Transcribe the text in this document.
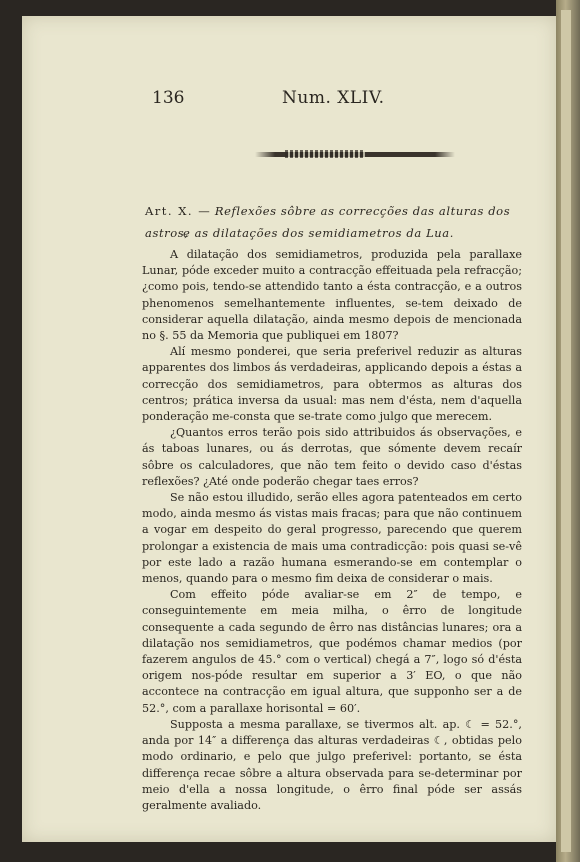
136	Num. XLIV.
Art. X. — Reflexões sôbre as correcções das alturas dos astros,
e as dilatações dos semidiametros da Lua.

A dilatação dos semidiametros, produzida pela parallaxe Lunar, póde exceder muito a contracção effeituada pela refracção; ¿como pois, tendo-se attendido tanto a ésta contracção, e a outros phenomenos semelhantemente influentes, se-tem deixado de considerar aquella dilatação, ainda mesmo depois de mencionada no §. 55 da Memoria que publiquei em 1807?

Alí mesmo ponderei, que seria preferivel reduzir as alturas apparentes dos limbos ás verdadeiras, applicando depois a éstas a correcção dos semidiametros, para obtermos as alturas dos centros; prática inversa da usual: mas nem d'ésta, nem d'aquella ponderação me-consta que se-trate como julgo que merecem.

¿Quantos erros terão pois sido attribuidos ás observações, e ás taboas lunares, ou ás derrotas, que sómente devem recaír sôbre os calculadores, que não tem feito o devido caso d'éstas reflexões? ¿Até onde poderão chegar taes erros?

Se não estou illudido, serão elles agora patenteados em certo modo, ainda mesmo ás vistas mais fracas; para que não continuem a vogar em despeito do geral progresso, parecendo que querem prolongar a existencia de mais uma contradicção: pois quasi se-vê por este lado a razão humana esmerando-se em contemplar o menos, quando para o mesmo fim deixa de considerar o mais.

Com effeito póde avaliar-se em 2″ de tempo, e conseguintemente em meia milha, o êrro de longitude consequente a cada segundo de êrro nas distâncias lunares; ora a dilatação nos semidiametros, que podémos chamar medios (por fazerem angulos de 45.° com o vertical) chegá a 7″, logo só d'ésta origem nos-póde resultar em superior a 3′ EO, o que não accontece na contracção em igual altura, que supponho ser a de 52.°, com a parallaxe horisontal = 60′.

Supposta a mesma parallaxe, se tivermos alt. ap. ☾ = 52.°, anda por 14″ a differença das alturas verdadeiras ☾, obtidas pelo modo ordinario, e pelo que julgo preferivel: portanto, se ésta differença recae sôbre a altura observada para se-determinar por meio d'ella a nossa longitude, o êrro final póde ser assás geralmente avaliado.
